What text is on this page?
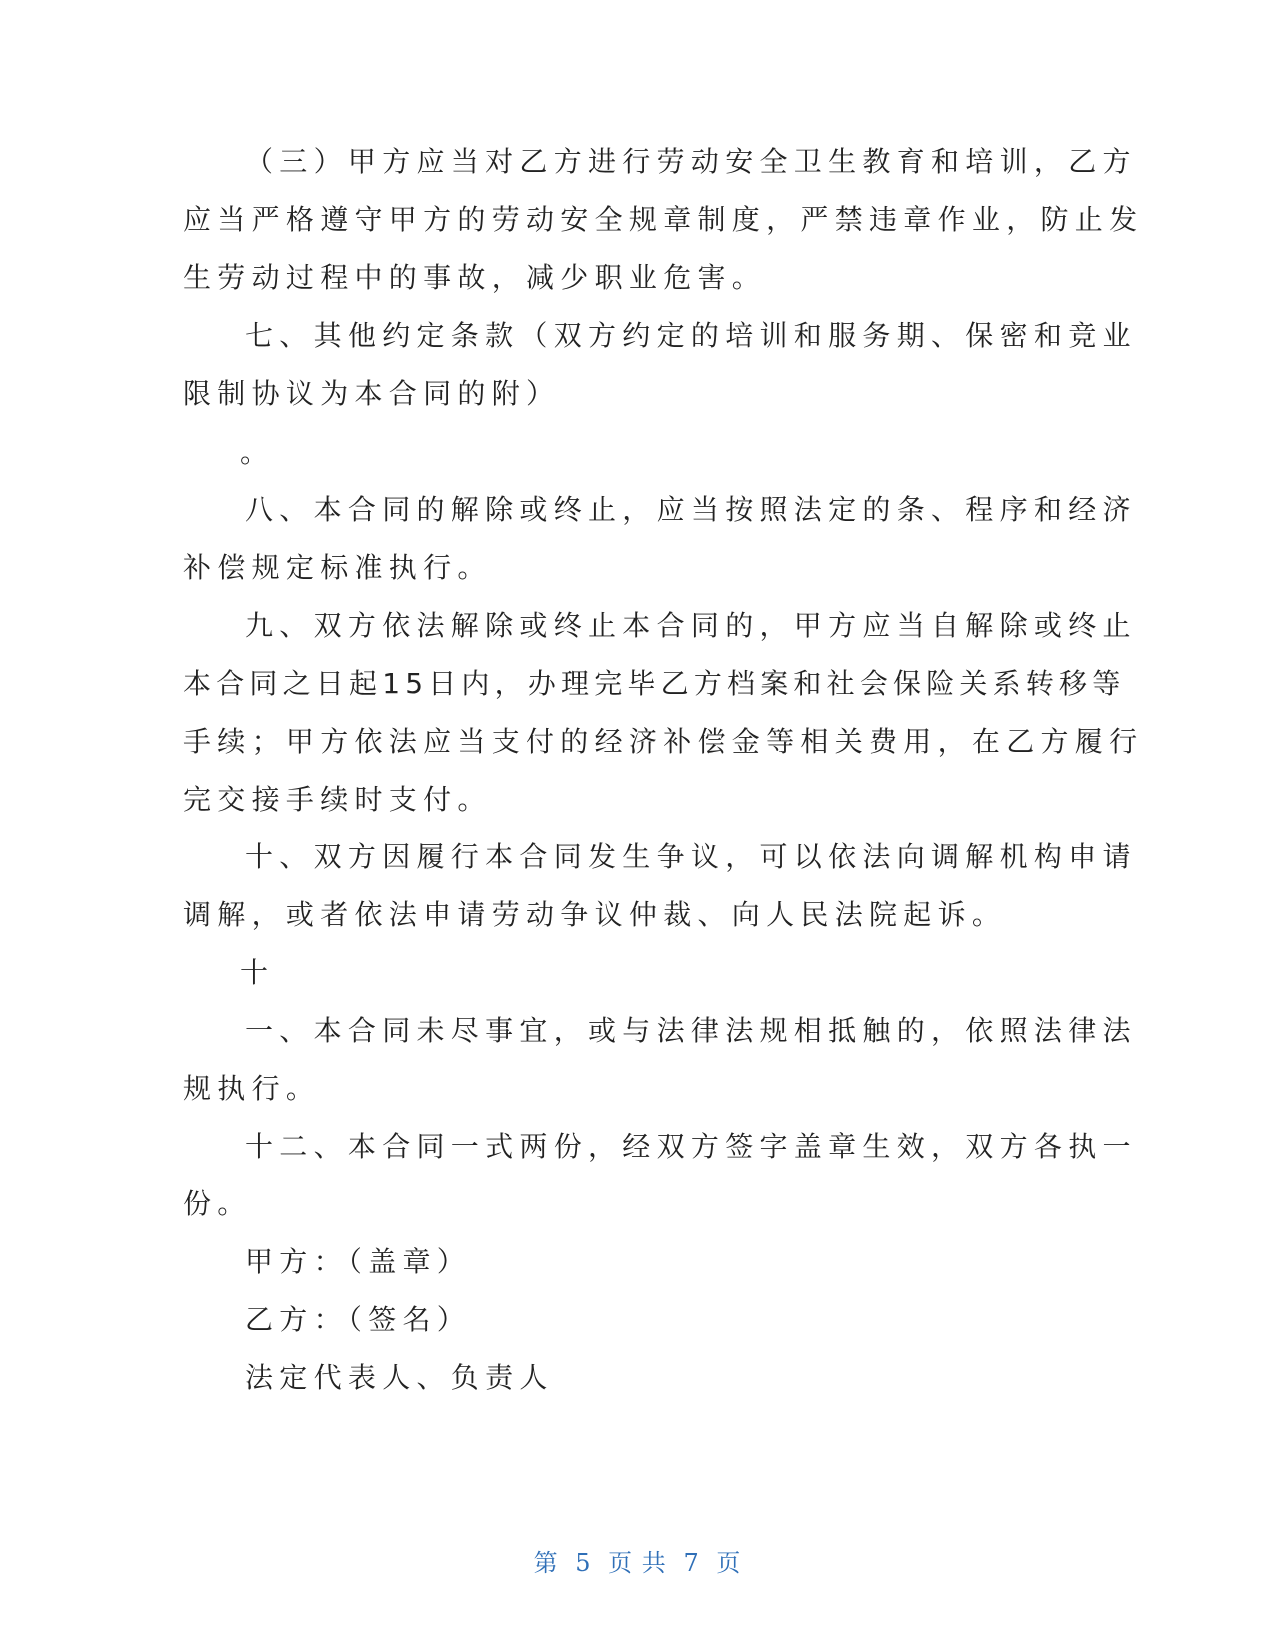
（三）甲方应当对乙方进行劳动安全卫生教育和培训，乙方
应当严格遵守甲方的劳动安全规章制度，严禁违章作业，防止发
生劳动过程中的事故，减少职业危害。
七、其他约定条款（双方约定的培训和服务期、保密和竞业
限制协议为本合同的附）
。
八、本合同的解除或终止，应当按照法定的条、程序和经济
补偿规定标准执行。
九、双方依法解除或终止本合同的，甲方应当自解除或终止
本合同之日起15日内，办理完毕乙方档案和社会保险关系转移等
手续；甲方依法应当支付的经济补偿金等相关费用，在乙方履行
完交接手续时支付。
十、双方因履行本合同发生争议，可以依法向调解机构申请
调解，或者依法申请劳动争议仲裁、向人民法院起诉。
十
一、本合同未尽事宜，或与法律法规相抵触的，依照法律法
规执行。
十二、本合同一式两份，经双方签字盖章生效，双方各执一
份。
甲方：（盖章）
乙方：（签名）
法定代表人、负责人
第 5 页 共 7 页
